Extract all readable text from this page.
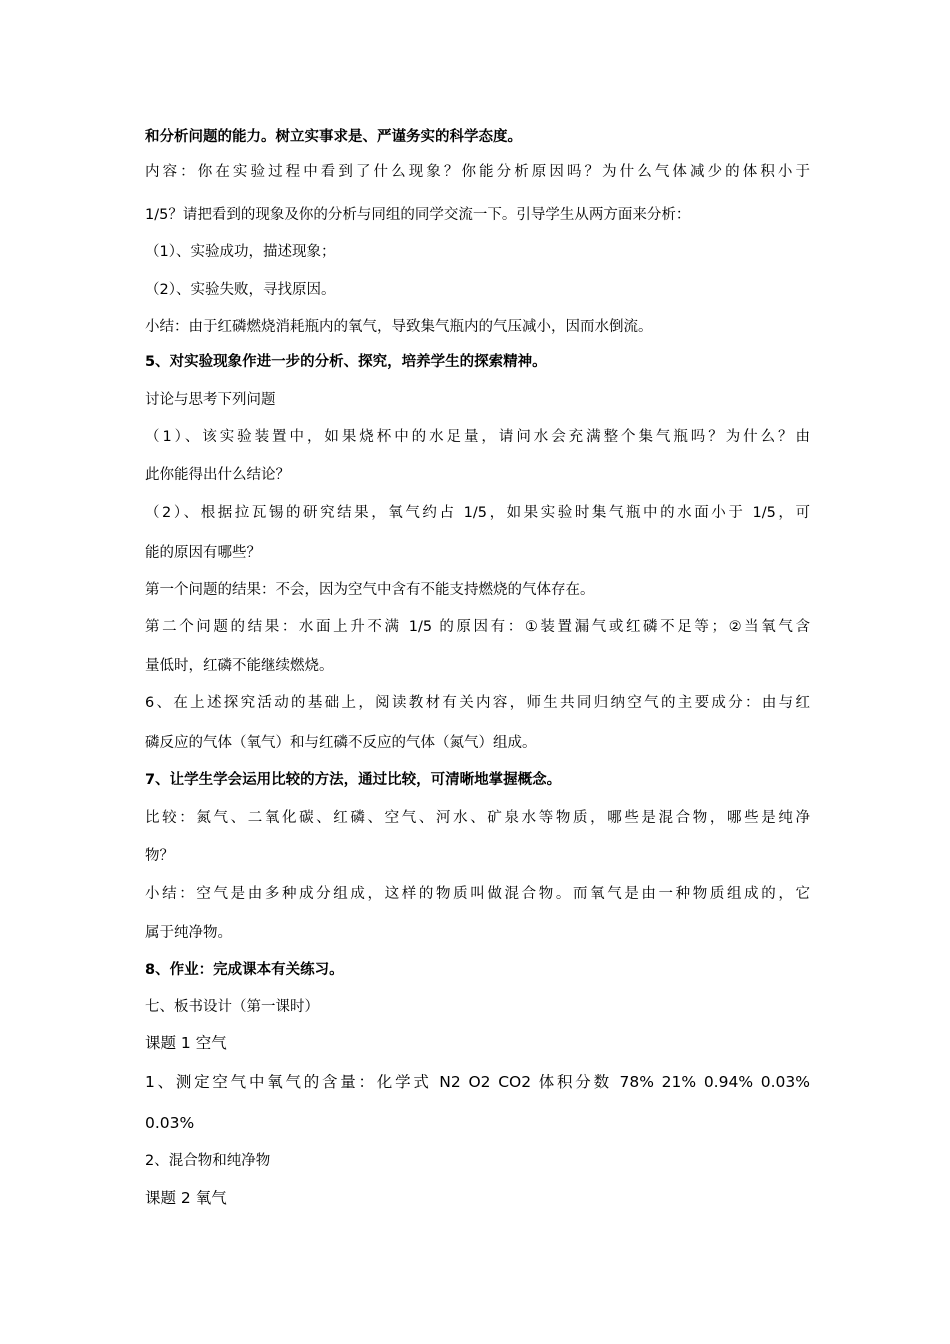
和分析问题的能力。树立实事求是、严谨务实的科学态度。
内容：你在实验过程中看到了什么现象？你能分析原因吗？为什么气体减少的体积小于
1/5？请把看到的现象及你的分析与同组的同学交流一下。引导学生从两方面来分析：
（1）、实验成功，描述现象；
（2）、实验失败，寻找原因。
小结：由于红磷燃烧消耗瓶内的氧气，导致集气瓶内的气压减小，因而水倒流。
5、对实验现象作进一步的分析、探究，培养学生的探索精神。
讨论与思考下列问题
（1）、该实验装置中，如果烧杯中的水足量，请问水会充满整个集气瓶吗？为什么？由
此你能得出什么结论？
（2）、根据拉瓦锡的研究结果，氧气约占 1/5，如果实验时集气瓶中的水面小于 1/5，可
能的原因有哪些？
第一个问题的结果：不会，因为空气中含有不能支持燃烧的气体存在。
第二个问题的结果：水面上升不满 1/5 的原因有：①装置漏气或红磷不足等；②当氧气含
量低时，红磷不能继续燃烧。
6、在上述探究活动的基础上，阅读教材有关内容，师生共同归纳空气的主要成分：由与红
磷反应的气体（氧气）和与红磷不反应的气体（氮气）组成。
7、让学生学会运用比较的方法，通过比较，可清晰地掌握概念。
比较：氮气、二氧化碳、红磷、空气、河水、矿泉水等物质，哪些是混合物，哪些是纯净
物？
小结：空气是由多种成分组成，这样的物质叫做混合物。而氧气是由一种物质组成的，它
属于纯净物。
8、作业：完成课本有关练习。
七、板书设计（第一课时）
课题 1 空气
1、测定空气中氧气的含量：化学式 N2 O2 CO2 体积分数 78% 21% 0.94% 0.03%
0.03%
2、混合物和纯净物
课题 2 氧气
